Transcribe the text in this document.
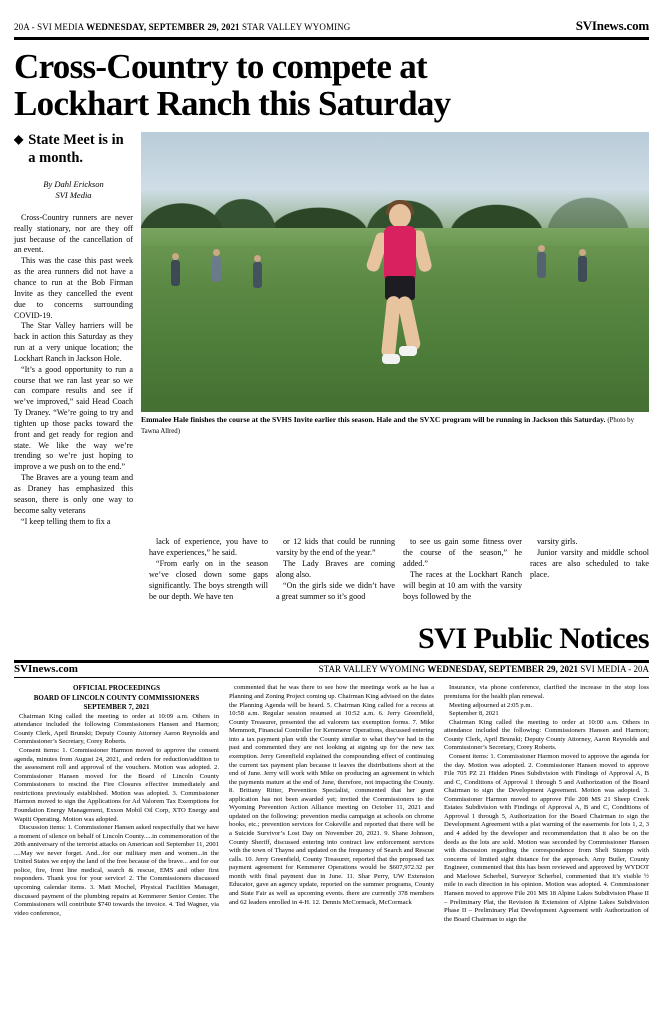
20A - SVI MEDIA WEDNESDAY, SEPTEMBER 29, 2021 STAR VALLEY WYOMING	SVInews.com
Cross-Country to compete at
Lockhart Ranch this Saturday
◆ State Meet is in a month.
By Dahl Erickson
SVI Media

Cross-Country runners are never really stationary, nor are they off just because of the cancellation of an event.

This was the case this past week as the area runners did not have a chance to run at the Bob Firman Invite as they cancelled the event due to concerns surrounding COVID-19.

The Star Valley harriers will be back in action this Saturday as they run at a very unique location; the Lockhart Ranch in Jackson Hole.

“It’s a good opportunity to run a course that we ran last year so we can compare results and see if we’ve improved,” said Head Coach Ty Draney. “We’re going to try and tighten up those packs toward the front and get ready for region and state. We like the way we’re trending so we’re just hoping to improve a we push on to the end.”

The Braves are a young team and as Draney has emphasized this season, there is only one way to become salty veterans

“I keep telling them to fix a

Emmalee Hale finishes the course at the SVHS Invite earlier this season. Hale and the SVXC program will be running in Jackson this Saturday. (Photo by Tawna Allred)

lack of experience, you have to have experiences,” he said.

“From early on in the season we’ve closed down some gaps significantly. The boys strength will be our depth. We have ten

or 12 kids that could be running varsity by the end of the year.”

The Lady Braves are coming along also.

“On the girls side we didn’t have a great summer so it’s good

to see us gain some fitness over the course of the season,” he added.”

The races at the Lockhart Ranch will begin at 10 am with the varsity boys followed by the

varsity girls.

Junior varsity and middle school races are also scheduled to take place.

SVI Public Notices
SVInews.com	STAR VALLEY WYOMING WEDNESDAY, SEPTEMBER 29, 2021 SVI MEDIA - 20A

OFFICIAL PROCEEDINGS

BOARD OF LINCOLN COUNTY COMMISSIONERS

SEPTEMBER 7, 2021

Chairman King called the meeting to order at 10:09 a.m. Others in attendance included the following Commissioners Hansen and Harmon; County Clerk, April Brunski; Deputy County Attorney Aaron Reynolds and Commissioner’s Secretary, Corey Roberts.

Consent items: 1. Commissioner Harmon moved to approve the consent agenda, minutes from August 24, 2021, and orders for reduction/addition to the assessment roll and approval of the vouchers. Motion was adopted. 2. Commissioner Hansen moved for the Board of Lincoln County Commissioners to rescind the Fire Closures effective immediately and restrictions previously established. Motion was adopted. 3. Commissioner Harmon moved to sign the Applications for Ad Valorem Tax Exemptions for Foundation Energy Management, Exxon Mobil Oil Corp, XTO Energy and Wapiti Operating. Motion was adopted.

Discussion items: 1. Commissioner Hansen asked respectfully that we have a moment of silence on behalf of Lincoln County.....in commemoration of the 20th anniversary of the terrorist attacks on American soil September 11, 2001 ....May we never forget. And...for our military men and women...in the United States we enjoy the land of the free because of the brave... and for our police, fire, front line medical, search & rescue, EMS and other first responders. Thank you for your service! 2. The Commissioners discussed upcoming calendar items. 3. Matt Mochel, Physical Facilities Manager, discussed payment of the plumbing repairs at Kemmerer Senior Center. The Commissioners will contribute $740 towards the invoice. 4. Ted Wagner, via video conference,

commented that he was there to see how the meetings work as he has a Planning and Zoning Project coming up. Chairman King advised on the dates the Planning Agenda will be heard. 5. Chairman King called for a recess at 10:58 a.m. Regular session resumed at 10:52 a.m. 6. Jerry Greenfield, County Treasurer, presented the ad valorem tax exemption forms. 7. Mike Memmott, Financial Controller for Kemmerer Operations, discussed entering into a tax payment plan with the County similar to what they’ve had in the past and commented they are not looking at signing up for the new tax exemption. Jerry Greenfield explained the compounding effect of continuing the current tax payment plan because it leaves the distributions short at the end of June. Jerry will work with Mike on producing an agreement in which the payments mature at the end of June, therefore, not impacting the County. 8. Brittany Ritter, Prevention Specialist, commented that her grant application has not been awarded yet; invited the Commissioners to the Wyoming Prevention Action Alliance meeting on October 11, 2021 and updated on the following: prevention media campaign at schools on chrome books, etc.; prevention services for Cokeville and reported that there will be a Suicide Survivor’s Lost Day on November 20, 2021. 9. Shane Johnson, County Sheriff, discussed entering into contract law enforcement services with the town of Thayne and updated on the frequency of Search and Rescue calls. 10. Jerry Greenfield, County Treasurer, reported that the proposed tax payment agreement for Kemmerer Operations would be $607,972.32 per month with final payment due in June. 11. Shar Perry, UW Extension Educator, gave an agency update, reported on the summer programs, County and State Fair as well as upcoming events. there are currently 378 members and 62 leaders enrolled in 4-H. 12. Dennis McCormack, McCormack

Insurance, via phone conference, clarified the increase in the stop loss premiums for the health plan renewal.

Meeting adjourned at 2:05 p.m.

September 8, 2021

Chairman King called the meeting to order at 10:00 a.m. Others in attendance included the following: Commissioners Hansen and Harmon; County Clerk, April Brunski; Deputy County Attorney, Aaron Reynolds and Commissioner’s Secretary, Corey Roberts.

Consent items: 1. Commissioner Harmon moved to approve the agenda for the day. Motion was adopted. 2. Commissioner Hansen moved to approve File 705 PZ 21 Hidden Pines Subdivision with Findings of Approval A, B and C, Conditions of Approval 1 through 5 and Authorization of the Board Chairman to sign the Development Agreement. Motion was adopted. 3. Commissioner Harmon moved to approve File 208 MS 21 Sheep Creek Estates Subdivision with Findings of Approval A, B and C, Conditions of Approval 1 through 5, Authorization for the Board Chairman to sign the Development Agreement with a plat warning of the easements for lots 1, 2, 3 and 4 added by the developer and recommendation that it also be on the deeds as the lots are sold. Motion was seconded by Commissioner Hansen with discussion regarding the correspondence from Sheli Stumpp with concerns of limited sight distance for the approach. Amy Butler, County Engineer, commented that this has been reviewed and approved by WYDOT and Marlowe Scherbel, Surveyor Scherbel, commented that it’s visible ½ mile in each direction in his opinion. Motion was adopted. 4. Commissioner Hansen moved to approve File 201 MS 18 Alpine Lakes Subdivision Phase II – Preliminary Plat, the Revision & Extension of Alpine Lakes Subdivision Phase II – Preliminary Plat Development Agreement with Authorization of the Board Chairman to sign the
